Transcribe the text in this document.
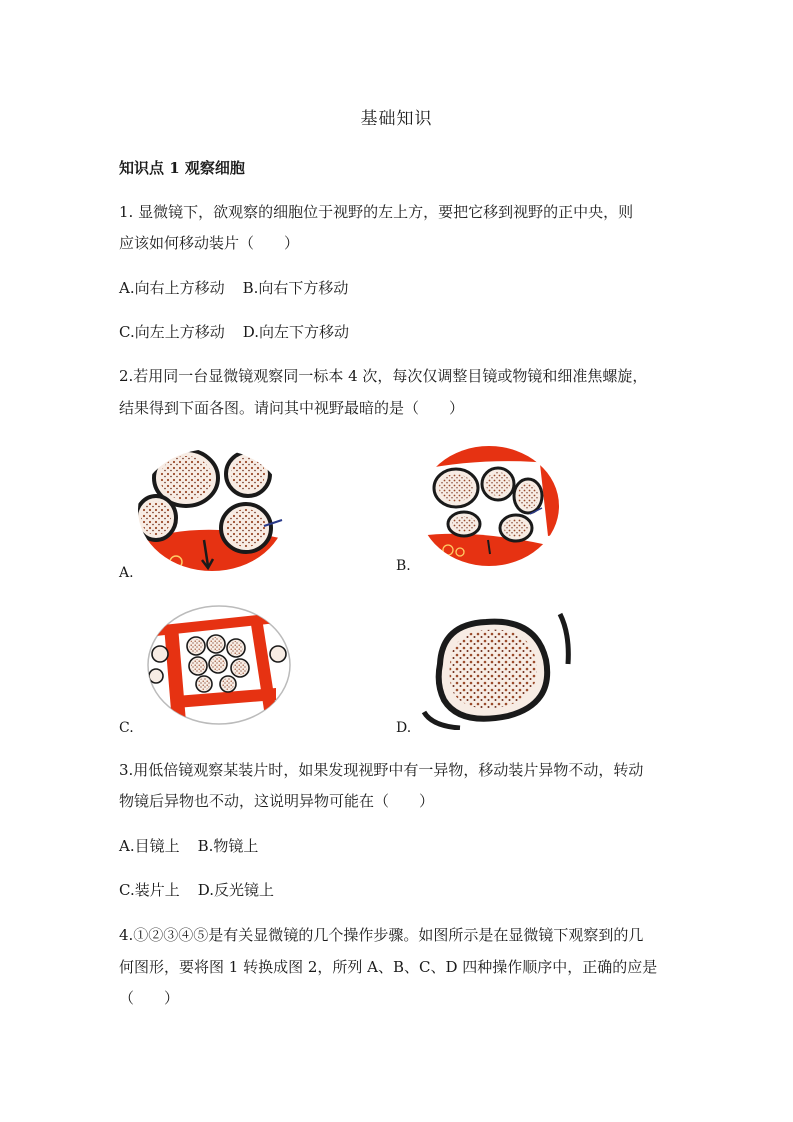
基础知识
知识点 1 观察细胞
1. 显微镜下，欲观察的细胞位于视野的左上方，要把它移到视野的正中央，则
应该如何移动装片（　　）
A.向右上方移动 B.向右下方移动
C.向左上方移动 D.向左下方移动
2.若用同一台显微镜观察同一标本 4 次，每次仅调整目镜或物镜和细准焦螺旋，
结果得到下面各图。请问其中视野最暗的是（　　）
A.	B.
C.	D.
3.用低倍镜观察某装片时，如果发现视野中有一异物，移动装片异物不动，转动
物镜后异物也不动，这说明异物可能在（　　）
A.目镜上 B.物镜上
C.装片上 D.反光镜上
4.①②③④⑤是有关显微镜的几个操作步骤。如图所示是在显微镜下观察到的几
何图形，要将图 1 转换成图 2，所列 A、B、C、D 四种操作顺序中，正确的应是
（　　）
